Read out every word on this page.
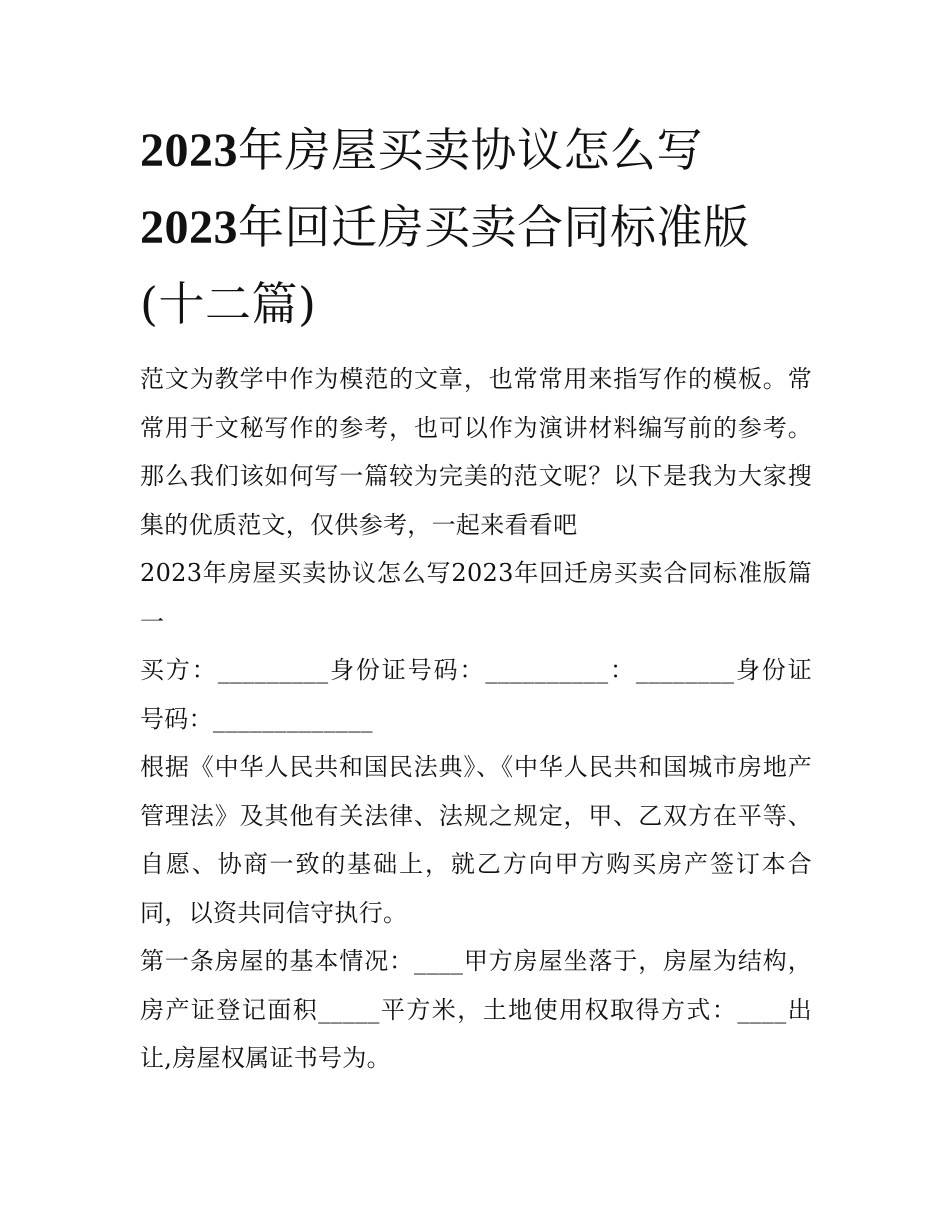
2023年房屋买卖协议怎么写
2023年回迁房买卖合同标准版
(十二篇)

范文为教学中作为模范的文章，也常常用来指写作的模板。常常用于文秘写作的参考，也可以作为演讲材料编写前的参考。那么我们该如何写一篇较为完美的范文呢？以下是我为大家搜集的优质范文，仅供参考，一起来看看吧

2023年房屋买卖协议怎么写2023年回迁房买卖合同标准版篇一

买方：_________身份证号码：__________：________身份证号码：_____________

根据《中华人民共和国民法典》、《中华人民共和国城市房地产管理法》及其他有关法律、法规之规定，甲、乙双方在平等、自愿、协商一致的基础上，就乙方向甲方购买房产签订本合同，以资共同信守执行。

第一条房屋的基本情况：____甲方房屋坐落于，房屋为结构，房产证登记面积_____平方米，土地使用权取得方式：____出让,房屋权属证书号为。
